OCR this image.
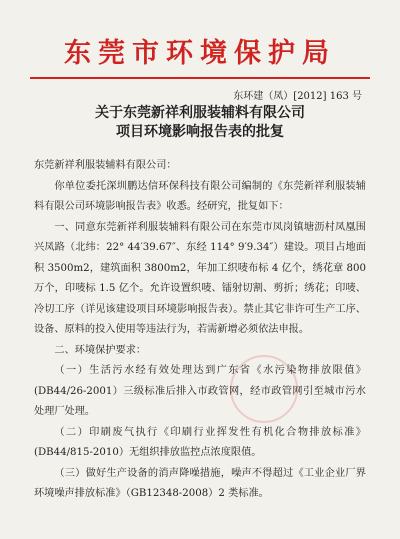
东莞市环境保护局
东环建（凤）[2012] 163 号
关于东莞新祥利服装辅料有限公司
项目环境影响报告表的批复

东莞新祥利服装辅料有限公司：

你单位委托深圳鹏达信环保科技有限公司编制的《东莞新祥利服装辅料有限公司环境影响报告表》收悉。经研究，批复如下：

一、同意东莞新祥利服装辅料有限公司在东莞市凤岗镇塘沥村凤凰围兴凤路（北纬：22° 44′39.67″、东经 114° 9′9.34″）建设。项目占地面积 3500m2，建筑面积 3800m2，年加工织唛布标 4 亿个，绣花章 800 万个，印唛标 1.5 亿个。允许设置织唛、镭射切割、剪折；绣花；印唛、冷切工序（详见该建设项目环境影响报告表）。禁止其它非许可生产工序、设备、原料的投入使用等违法行为，若需新增必须依法申报。

二、环境保护要求：

（一）生活污水经有效处理达到广东省《水污染物排放限值》(DB44/26-2001）三级标准后排入市政管网，经市政管网引至城市污水处理厂处理。

（二）印刷废气执行《印刷行业挥发性有机化合物排放标准》(DB44/815-2010）无组织排放监控点浓度限值。

（三）做好生产设备的消声降噪措施，噪声不得超过《工业企业厂界环境噪声排放标准》（GB12348-2008）2 类标准。
